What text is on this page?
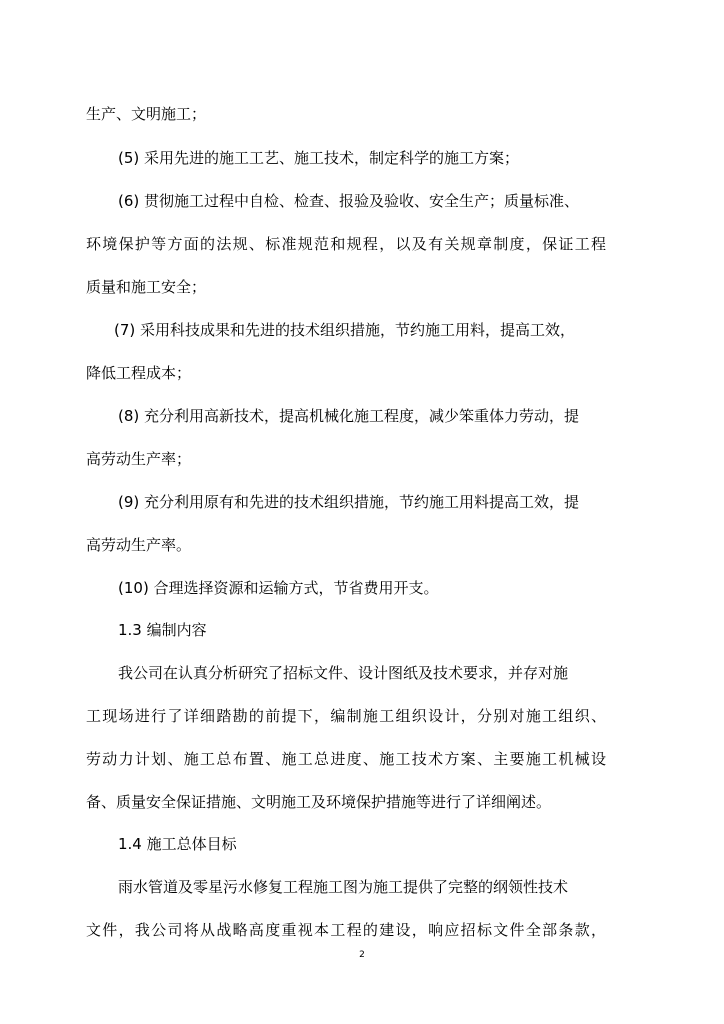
生产、文明施工；
(5) 采用先进的施工工艺、施工技术，制定科学的施工方案；
(6) 贯彻施工过程中自检、检查、报验及验收、安全生产；质量标准、
环境保护等方面的法规、标准规范和规程，以及有关规章制度，保证工程
质量和施工安全；
(7) 采用科技成果和先进的技术组织措施，节约施工用料，提高工效，
降低工程成本；
(8) 充分利用高新技术，提高机械化施工程度，减少笨重体力劳动，提
高劳动生产率；
(9) 充分利用原有和先进的技术组织措施，节约施工用料提高工效，提
高劳动生产率。
(10) 合理选择资源和运输方式，节省费用开支。
1.3 编制内容
我公司在认真分析研究了招标文件、设计图纸及技术要求，并存对施
工现场进行了详细踏勘的前提下，编制施工组织设计，分别对施工组织、
劳动力计划、施工总布置、施工总进度、施工技术方案、主要施工机械设
备、质量安全保证措施、文明施工及环境保护措施等进行了详细阐述。
1.4 施工总体目标
雨水管道及零星污水修复工程施工图为施工提供了完整的纲领性技术
文件，我公司将从战略高度重视本工程的建设，响应招标文件全部条款，
2
